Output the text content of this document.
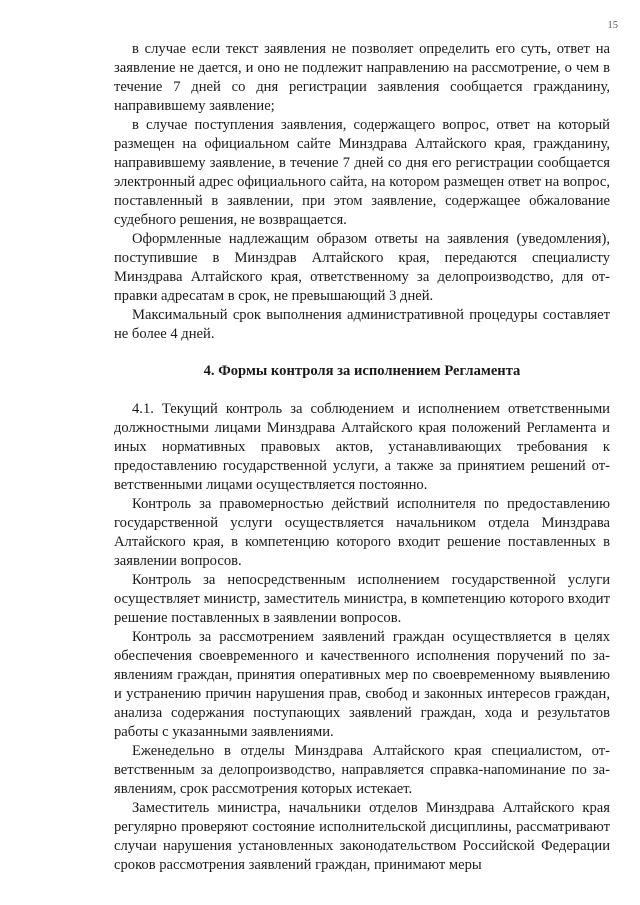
15

в случае если текст заявления не позволяет определить его суть, ответ на заявление не дается, и оно не подлежит направлению на рассмотрение, о чем в течение 7 дней со дня регистрации заявления сообщается гражданину, направившему заявление;

в случае поступления заявления, содержащего вопрос, ответ на который размещен на официальном сайте Минздрава Алтайского края, гражданину, направившему заявление, в течение 7 дней со дня его регистрации сообщается электронный адрес официального сайта, на котором размещен ответ на вопрос, поставленный в заявлении, при этом заявление, содержащее обжалование судебного решения, не возвращается.

Оформленные надлежащим образом ответы на заявления (уведомления), поступившие в Минздрав Алтайского края, передаются специалисту Минздрава Алтайского края, ответственному за делопроизводство, для отправки адресатам в срок, не превышающий 3 дней.

Максимальный срок выполнения административной процедуры составляет не более 4 дней.

4. Формы контроля за исполнением Регламента

4.1. Текущий контроль за соблюдением и исполнением ответственными должностными лицами Минздрава Алтайского края положений Регламента и иных нормативных правовых актов, устанавливающих требования к предоставлению государственной услуги, а также за принятием решений ответственными лицами осуществляется постоянно.

Контроль за правомерностью действий исполнителя по предоставлению государственной услуги осуществляется начальником отдела Минздрава Алтайского края, в компетенцию которого входит решение поставленных в заявлении вопросов.

Контроль за непосредственным исполнением государственной услуги осуществляет министр, заместитель министра, в компетенцию которого входит решение поставленных в заявлении вопросов.

Контроль за рассмотрением заявлений граждан осуществляется в целях обеспечения своевременного и качественного исполнения поручений по заявлениям граждан, принятия оперативных мер по своевременному выявлению и устранению причин нарушения прав, свобод и законных интересов граждан, анализа содержания поступающих заявлений граждан, хода и результатов работы с указанными заявлениями.

Еженедельно в отделы Минздрава Алтайского края специалистом, ответственным за делопроизводство, направляется справка-напоминание по заявлениям, срок рассмотрения которых истекает.

Заместитель министра, начальники отделов Минздрава Алтайского края регулярно проверяют состояние исполнительской дисциплины, рассматривают случаи нарушения установленных законодательством Российской Федерации сроков рассмотрения заявлений граждан, принимают меры
